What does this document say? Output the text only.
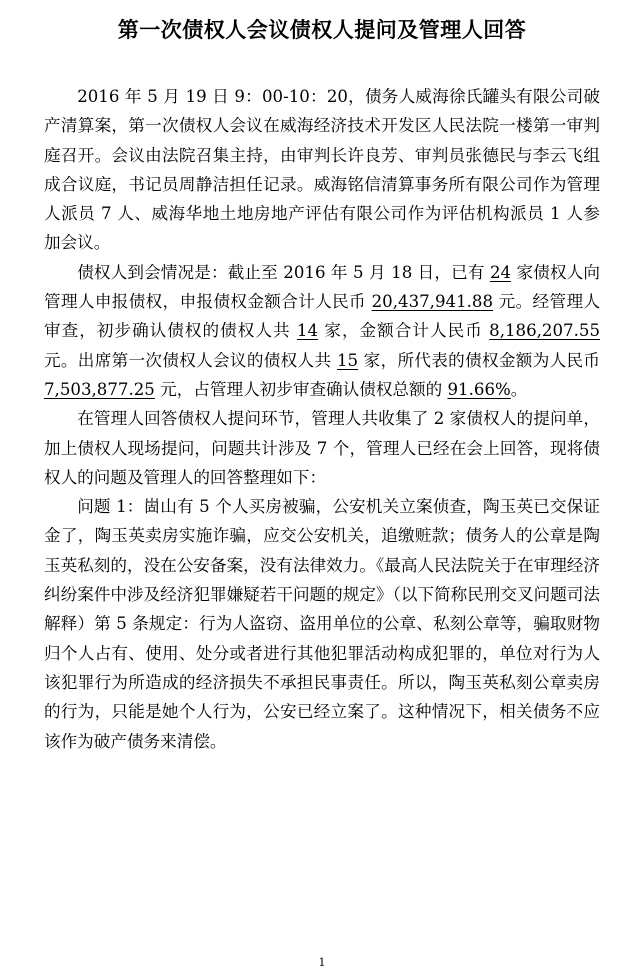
第一次债权人会议债权人提问及管理人回答

2016 年 5 月 19 日 9：00-10：20，债务人威海徐氏罐头有限公司破产清算案，第一次债权人会议在威海经济技术开发区人民法院一楼第一审判庭召开。会议由法院召集主持，由审判长许良芳、审判员张德民与李云飞组成合议庭，书记员周静洁担任记录。威海铭信清算事务所有限公司作为管理人派员 7 人、威海华地土地房地产评估有限公司作为评估机构派员 1 人参加会议。

债权人到会情况是：截止至 2016 年 5 月 18 日，已有 24 家债权人向管理人申报债权，申报债权金额合计人民币 20,437,941.88 元。经管理人审查，初步确认债权的债权人共 14 家，金额合计人民币 8,186,207.55 元。出席第一次债权人会议的债权人共 15 家，所代表的债权金额为人民币 7,503,877.25 元，占管理人初步审查确认债权总额的 91.66%。

在管理人回答债权人提问环节，管理人共收集了 2 家债权人的提问单，加上债权人现场提问，问题共计涉及 7 个，管理人已经在会上回答，现将债权人的问题及管理人的回答整理如下：

问题 1：崮山有 5 个人买房被骗，公安机关立案侦查，陶玉英已交保证金了，陶玉英卖房实施诈骗，应交公安机关，追缴赃款；债务人的公章是陶玉英私刻的，没在公安备案，没有法律效力。《最高人民法院关于在审理经济纠纷案件中涉及经济犯罪嫌疑若干问题的规定》（以下简称民刑交叉问题司法解释）第 5 条规定：行为人盗窃、盗用单位的公章、私刻公章等，骗取财物归个人占有、使用、处分或者进行其他犯罪活动构成犯罪的，单位对行为人该犯罪行为所造成的经济损失不承担民事责任。所以，陶玉英私刻公章卖房的行为，只能是她个人行为，公安已经立案了。这种情况下，相关债务不应该作为破产债务来清偿。

1
